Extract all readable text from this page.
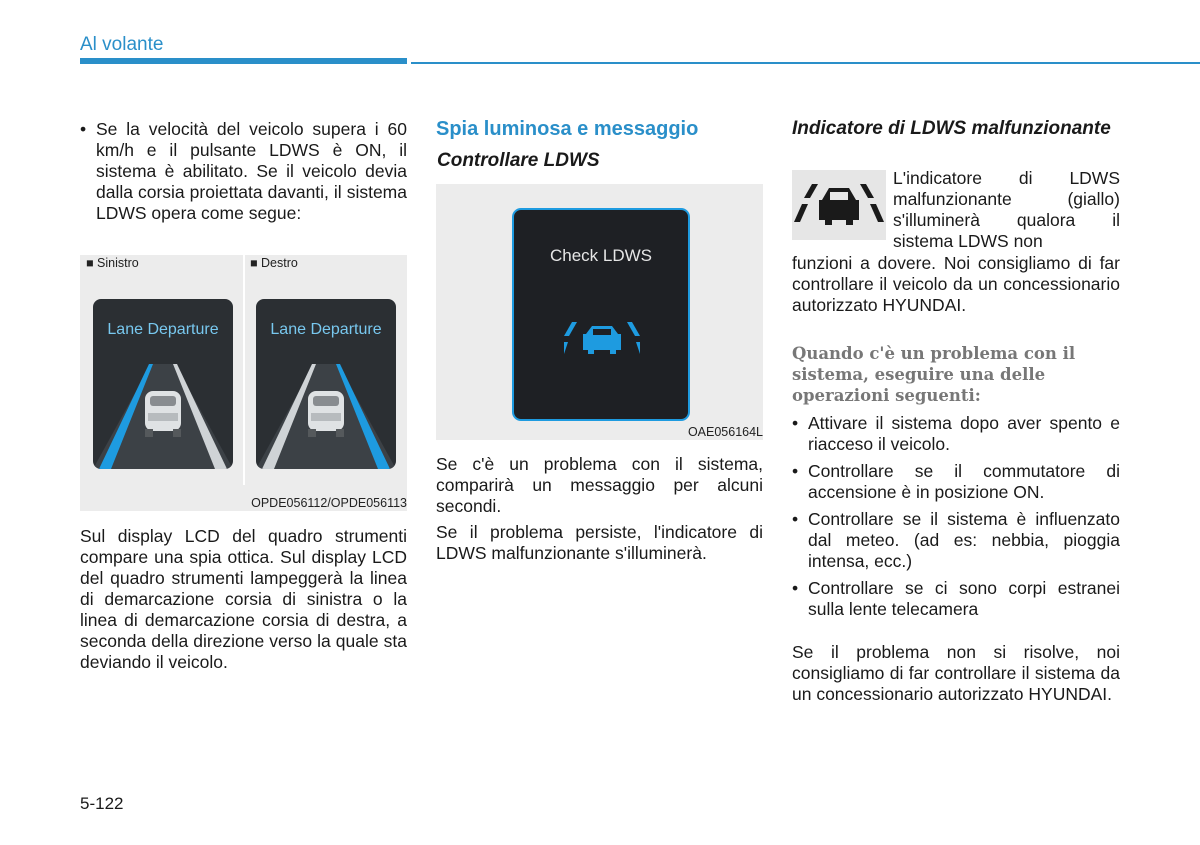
Al volante
• Se la velocità del veicolo supera i 60 km/h e il pulsante LDWS è ON, il sistema è abilitato. Se il veicolo devia dalla corsia proiettata davanti, il sistema LDWS opera come segue:
■ Sinistro	■ Destro
Lane Departure	Lane Departure
OPDE056112/OPDE056113
Sul display LCD del quadro strumenti compare una spia ottica. Sul display LCD del quadro strumenti lampeggerà la linea di demarcazione corsia di sinistra o la linea di demarcazione corsia di destra, a seconda della direzione verso la quale sta deviando il veicolo.
Spia luminosa e messaggio
Controllare LDWS
Check LDWS
OAE056164L
Se c'è un problema con il sistema, comparirà un messaggio per alcuni secondi.
Se il problema persiste, l'indicatore di LDWS malfunzionante s'illuminerà.
Indicatore di LDWS malfunzionante
L'indicatore di LDWS malfunzionante (giallo) s'illuminerà qualora il sistema LDWS non
funzioni a dovere. Noi consigliamo di far controllare il veicolo da un concessionario autorizzato HYUNDAI.
Quando c'è un problema con il sistema, eseguire una delle operazioni seguenti:
• Attivare il sistema dopo aver spento e riacceso il veicolo.
• Controllare se il commutatore di accensione è in posizione ON.
• Controllare se il sistema è influenzato dal meteo. (ad es: nebbia, pioggia intensa, ecc.)
• Controllare se ci sono corpi estranei sulla lente telecamera
Se il problema non si risolve, noi consigliamo di far controllare il sistema da un concessionario autorizzato HYUNDAI.
5-122
